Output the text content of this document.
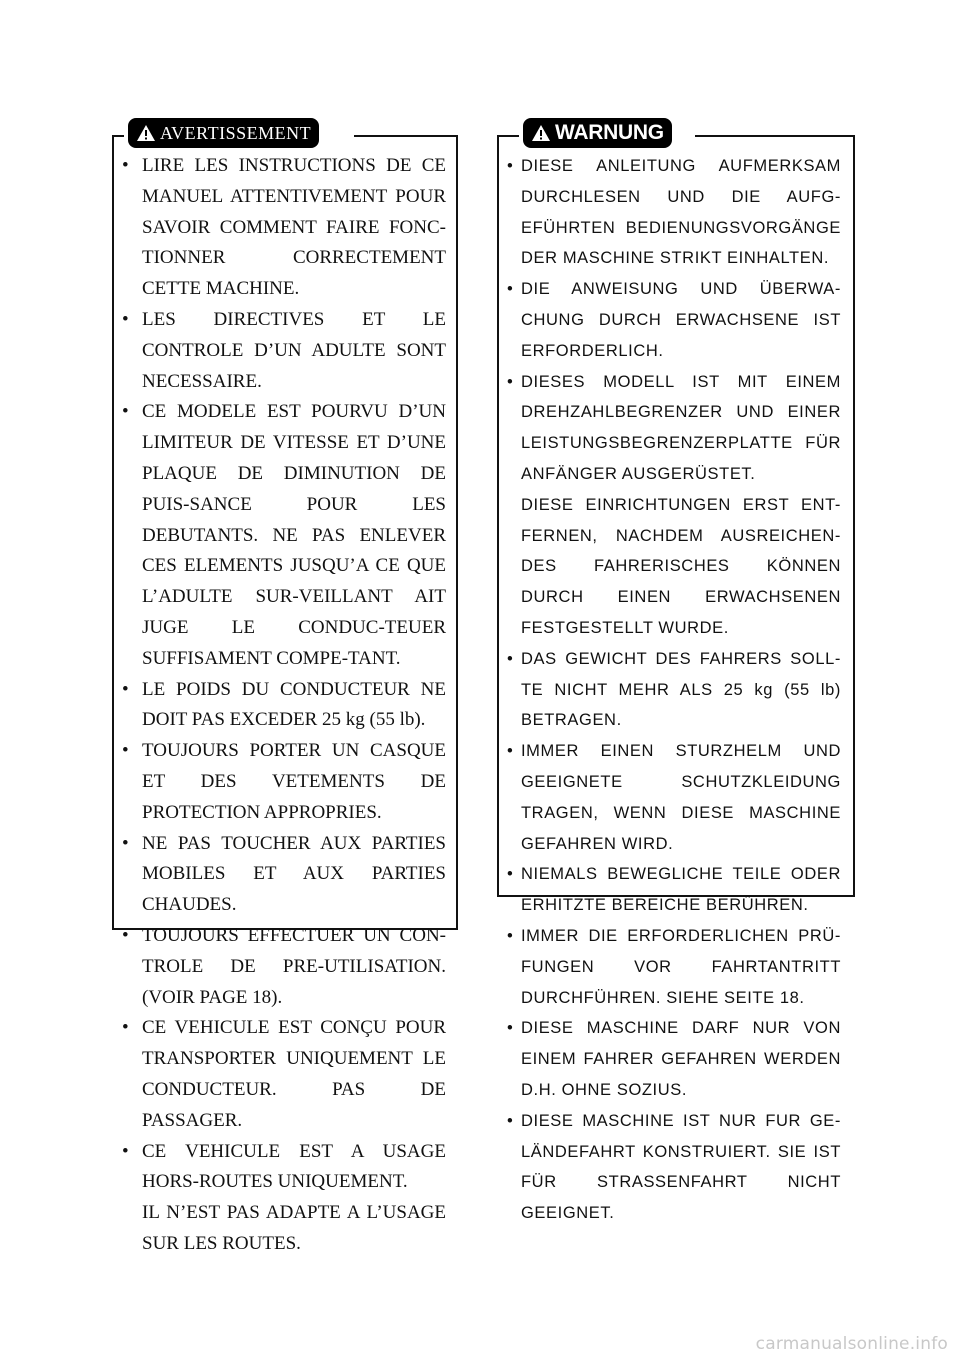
AVERTISSEMENT
• LIRE LES INSTRUCTIONS DE CE MANUEL ATTENTIVEMENT POUR SAVOIR COMMENT FAIRE FONC-TIONNER CORRECTEMENT CETTE MACHINE.
• LES DIRECTIVES ET LE CONTROLE D’UN ADULTE SONT NECESSAIRE.
• CE MODELE EST POURVU D’UN LIMITEUR DE VITESSE ET D’UNE PLAQUE DE DIMINUTION DE PUIS-SANCE POUR LES DEBUTANTS. NE PAS ENLEVER CES ELEMENTS JUSQU’A CE QUE L’ADULTE SUR-VEILLANT AIT JUGE LE CONDUC-TEUER SUFFISAMENT COMPE-TANT.
• LE POIDS DU CONDUCTEUR NE DOIT PAS EXCEDER 25 kg (55 lb).
• TOUJOURS PORTER UN CASQUE ET DES VETEMENTS DE PROTECTION APPROPRIES.
• NE PAS TOUCHER AUX PARTIES MOBILES ET AUX PARTIES CHAUDES.
• TOUJOURS EFFECTUER UN CON-TROLE DE PRE-UTILISATION. (VOIR PAGE 18).
• CE VEHICULE EST CONÇU POUR TRANSPORTER UNIQUEMENT LE CONDUCTEUR. PAS DE PASSAGER.
• CE VEHICULE EST A USAGE HORS-ROUTES UNIQUEMENT.
IL N’EST PAS ADAPTE A L’USAGE SUR LES ROUTES.
WARNUNG
• DIESE ANLEITUNG AUFMERKSAM DURCHLESEN UND DIE AUFG-EFÜHRTEN BEDIENUNGSVORGÄNGE DER MASCHINE STRIKT EINHALTEN.
• DIE ANWEISUNG UND ÜBERWA-CHUNG DURCH ERWACHSENE IST ERFORDERLICH.
• DIESES MODELL IST MIT EINEM DREHZAHLBEGRENZER UND EINER LEISTUNGSBEGRENZERPLATTE FÜR ANFÄNGER AUSGERÜSTET.
DIESE EINRICHTUNGEN ERST ENT-FERNEN, NACHDEM AUSREICHEN-DES FAHRERISCHES KÖNNEN DURCH EINEN ERWACHSENEN FESTGESTELLT WURDE.
• DAS GEWICHT DES FAHRERS SOLL-TE NICHT MEHR ALS 25 kg (55 lb) BETRAGEN.
• IMMER EINEN STURZHELM UND GEEIGNETE SCHUTZKLEIDUNG TRAGEN, WENN DIESE MASCHINE GEFAHREN WIRD.
• NIEMALS BEWEGLICHE TEILE ODER ERHITZTE BEREICHE BERÜHREN.
• IMMER DIE ERFORDERLICHEN PRÜ-FUNGEN VOR FAHRTANTRITT DURCHFÜHREN. SIEHE SEITE 18.
• DIESE MASCHINE DARF NUR VON EINEM FAHRER GEFAHREN WERDEN D.H. OHNE SOZIUS.
• DIESE MASCHINE IST NUR FUR GE-LÄNDEFAHRT KONSTRUIERT. SIE IST FÜR STRASSENFAHRT NICHT GEEIGNET.
carmanualsonline.info
